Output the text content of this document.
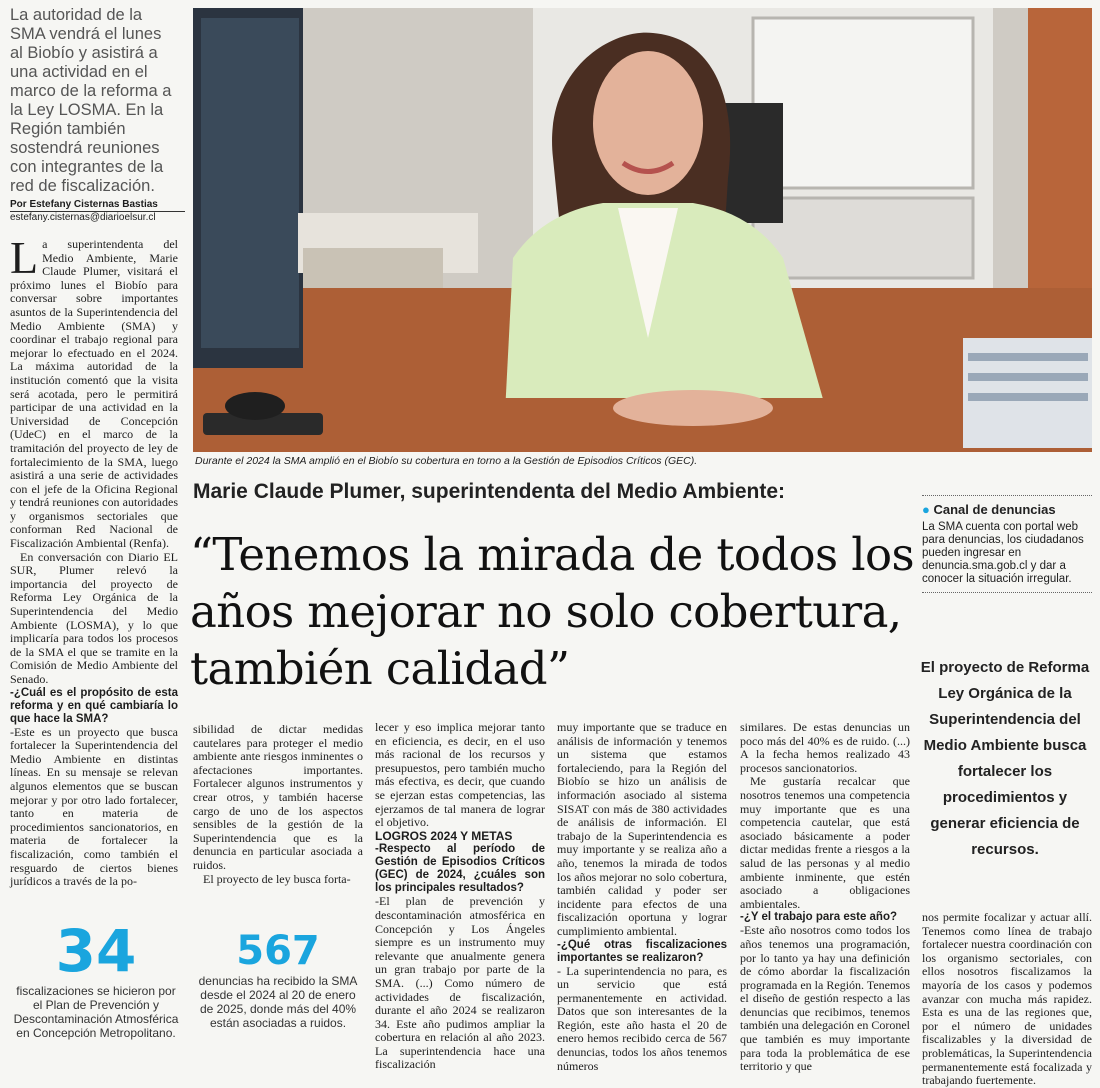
La autoridad de la SMA vendrá el lunes al Biobío y asistirá a una actividad en el marco de la reforma a la Ley LOSMA. En la Región también sostendrá reuniones con integrantes de la red de fiscalización.
Por Estefany Cisternas Bastias
estefany.cisternas@diarioelsur.cl

La superintendenta del Medio Ambiente, Marie Claude Plumer, visitará el próximo lunes el Biobío para conversar sobre importantes asuntos de la Superintendencia del Medio Ambiente (SMA) y coordinar el trabajo regional para mejorar lo efectuado en el 2024. La máxima autoridad de la institución comentó que la visita será acotada, pero le permitirá participar de una actividad en la Universidad de Concepción (UdeC) en el marco de la tramitación del proyecto de ley de fortalecimiento de la SMA, luego asistirá a una serie de actividades con el jefe de la Oficina Regional y tendrá reuniones con autoridades y organismos sectoriales que conforman Red Nacional de Fiscalización Ambiental (Renfa).

En conversación con Diario EL SUR, Plumer relevó la importancia del proyecto de Reforma Ley Orgánica de la Superintendencia del Medio Ambiente (LOSMA), y lo que implicaría para todos los procesos de la SMA el que se tramite en la Comisión de Medio Ambiente del Senado.

-¿Cuál es el propósito de esta reforma y en qué cambiaría lo que hace la SMA?

-Este es un proyecto que busca fortalecer la Superintendencia del Medio Ambiente en distintas líneas. En su mensaje se relevan algunos elementos que se buscan mejorar y por otro lado fortalecer, tanto en materia de procedimientos sancionatorios, en materia de fortalecer la fiscalización, como también el resguardo de ciertos bienes jurídicos a través de la po-

Durante el 2024 la SMA amplió en el Biobío su cobertura en torno a la Gestión de Episodios Críticos (GEC).
Marie Claude Plumer, superintendenta del Medio Ambiente:
“Tenemos la mirada de todos los años mejorar no solo cobertura, también calidad”
● Canal de denuncias

La SMA cuenta con portal web para denuncias, los ciudadanos pueden ingresar en denuncia.sma.gob.cl y dar a conocer la situación irregular.

El proyecto de Reforma Ley Orgánica de la Superintendencia del Medio Ambiente busca fortalecer los procedimientos y generar eficiencia de recursos.

sibilidad de dictar medidas cautelares para proteger el medio ambiente ante riesgos inminentes o afectaciones importantes. Fortalecer algunos instrumentos y crear otros, y también hacerse cargo de uno de los aspectos sensibles de la gestión de la Superintendencia que es la denuncia en particular asociada a ruidos.

El proyecto de ley busca forta-

34
fiscalizaciones se hicieron por el Plan de Prevención y Descontaminación Atmosférica en Concepción Metropolitano.
567
denuncias ha recibido la SMA desde el 2024 al 20 de enero de 2025, donde más del 40% están asociadas a ruidos.

lecer y eso implica mejorar tanto en eficiencia, es decir, en el uso más racional de los recursos y presupuestos, pero también mucho más efectiva, es decir, que cuando se ejerzan estas competencias, las ejerzamos de tal manera de lograr el objetivo.

LOGROS 2024 Y METAS

-Respecto al período de Gestión de Episodios Críticos (GEC) de 2024, ¿cuáles son los principales resultados?

-El plan de prevención y descontaminación atmosférica en Concepción y Los Ángeles siempre es un instrumento muy relevante que anualmente genera un gran trabajo por parte de la SMA. (...) Como número de actividades de fiscalización, durante el año 2024 se realizaron 34. Este año pudimos ampliar la cobertura en relación al año 2023. La superintendencia hace una fiscalización

muy importante que se traduce en análisis de información y tenemos un sistema que estamos fortaleciendo, para la Región del Biobío se hizo un análisis de información asociado al sistema SISAT con más de 380 actividades de análisis de información. El trabajo de la Superintendencia es muy importante y se realiza año a año, tenemos la mirada de todos los años mejorar no solo cobertura, también calidad y poder ser incidente para efectos de una fiscalización oportuna y lograr cumplimiento ambiental.

-¿Qué otras fiscalizaciones importantes se realizaron?

- La superintendencia no para, es un servicio que está permanentemente en actividad. Datos que son interesantes de la Región, este año hasta el 20 de enero hemos recibido cerca de 567 denuncias, todos los años tenemos números

similares. De estas denuncias un poco más del 40% es de ruido. (...) A la fecha hemos realizado 43 procesos sancionatorios.

Me gustaría recalcar que nosotros tenemos una competencia muy importante que es una competencia cautelar, que está asociado básicamente a poder dictar medidas frente a riesgos a la salud de las personas y al medio ambiente inminente, que estén asociado a obligaciones ambientales.

-¿Y el trabajo para este año?

-Este año nosotros como todos los años tenemos una programación, por lo tanto ya hay una definición de cómo abordar la fiscalización programada en la Región. Tenemos el diseño de gestión respecto a las denuncias que recibimos, tenemos también una delegación en Coronel que también es muy importante para toda la problemática de ese territorio y que

nos permite focalizar y actuar allí. Tenemos como línea de trabajo fortalecer nuestra coordinación con los organismo sectoriales, con ellos nosotros fiscalizamos la mayoría de los casos y podemos avanzar con mucha más rapidez. Esta es una de las regiones que, por el número de unidades fiscalizables y la diversidad de problemáticas, la Superintendencia permanentemente está focalizada y trabajando fuertemente.
